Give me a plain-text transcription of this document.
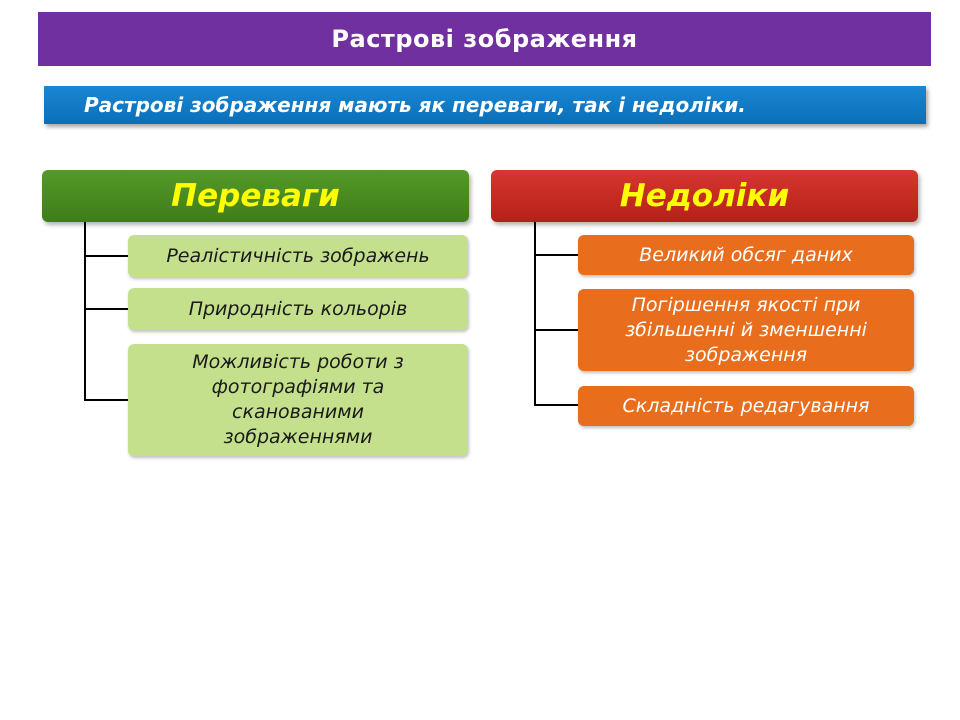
Растрові зображення
Растрові зображення мають як переваги, так і недоліки.
Переваги
Реалістичність зображень
Природність кольорів
Можливість роботи з фотографіями та сканованими зображеннями
Недоліки
Великий обсяг даних
Погіршення якості при збільшенні й зменшенні зображення
Складність редагування
